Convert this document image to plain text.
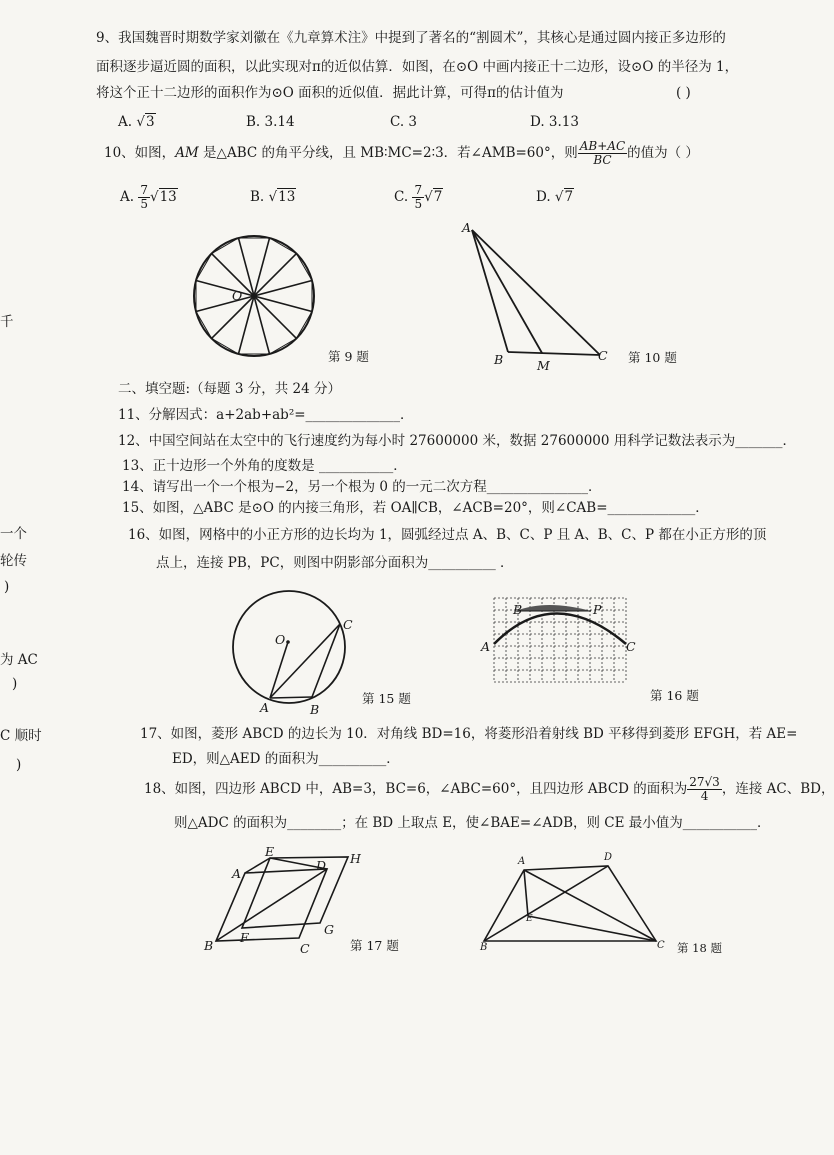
千
一个
轮传
)
为 AC
)
C 顺时
)
9、我国魏晋时期数学家刘徽在《九章算术注》中提到了著名的“割圆术”，其核心是通过圆内接正多边形的
面积逐步逼近圆的面积，以此实现对π的近似估算．如图，在⊙O 中画内接正十二边形，设⊙O 的半径为 1，
将这个正十二边形的面积作为⊙O 面积的近似值．据此计算，可得π的估计值为	( )
A. √3	B. 3.14	C. 3	D. 3.13
10、如图，AM 是△ABC 的角平分线，且 MB∶MC=2∶3．若∠AMB=60°，则 $\frac{AB+AC}{BC}$ 的值为（ ）
A. $\frac{7}{5} √13$	B. √13	C. $\frac{7}{5} √7$	D. √7
O
第 9 题
A
B	M
C 第 10 题
二、填空题:（每题 3 分，共 24 分）
11、分解因式：a+2ab+ab²=______________．
12、中国空间站在太空中的飞行速度约为每小时 27600000 米，数据 27600000 用科学记数法表示为_______．
13、正十边形一个外角的度数是 ___________．
14、请写出一个一个根为−2，另一个根为 0 的一元二次方程_______________．
15、如图，△ABC 是⊙O 的内接三角形，若 OA∥CB，∠ACB=20°，则∠CAB=_____________．
16、如图，网格中的小正方形的边长均为 1，圆弧经过点 A、B、C、P 且 A、B、C、P 都在小正方形的顶
点上，连接 PB，PC，则图中阴影部分面积为__________ ．
O
A	B
C
第 15 题
A
B	P
C
第 16 题
17、如图，菱形 ABCD 的边长为 10．对角线 BD=16，将菱形沿着射线 BD 平移得到菱形 EFGH，若 AE=
ED，则△AED 的面积为__________．
18、如图，四边形 ABCD 中，AB=3，BC=6，∠ABC=60°，且四边形 ABCD 的面积为 $\frac{27√3}{4}$ ，连接 AC、BD，
则△ADC 的面积为________；在 BD 上取点 E，使∠BAE=∠ADB，则 CE 最小值为___________．
E
A
D H
B
F
G
C	第 17 题
A	D
E
B	C 第 18 题
